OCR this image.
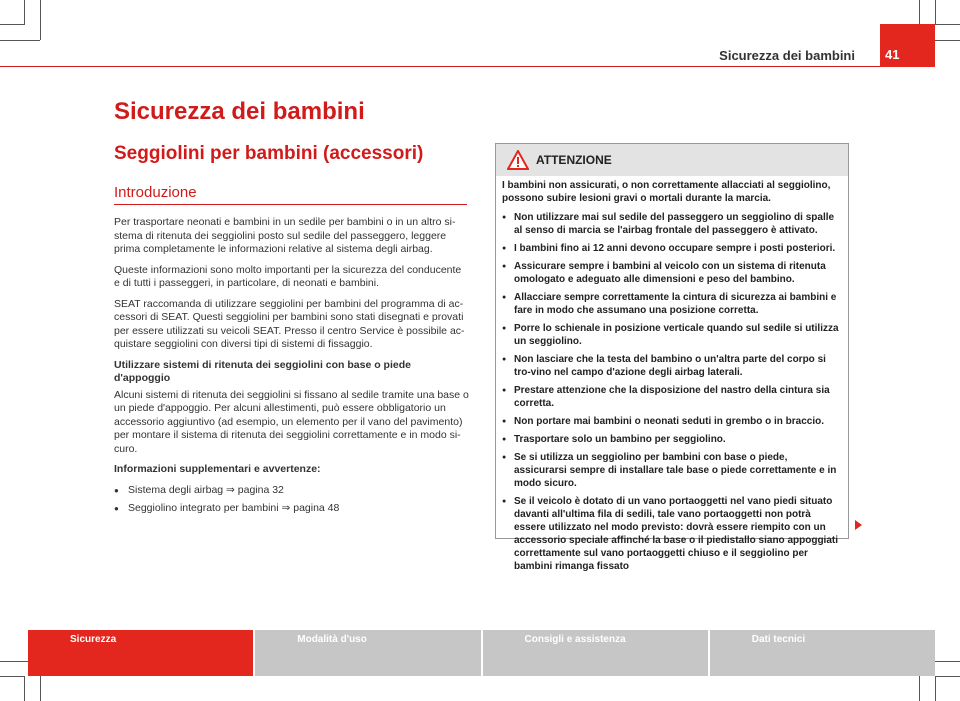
Sicurezza dei bambini	41
Sicurezza dei bambini
Seggiolini per bambini (accessori)
Introduzione

Per trasportare neonati e bambini in un sedile per bambini o in un altro si-stema di ritenuta dei seggiolini posto sul sedile del passeggero, leggere prima completamente le informazioni relative al sistema degli airbag.

Queste informazioni sono molto importanti per la sicurezza del conducente e di tutti i passeggeri, in particolare, di neonati e bambini.

SEAT raccomanda di utilizzare seggiolini per bambini del programma di ac-cessori di SEAT. Questi seggiolini per bambini sono stati disegnati e provati per essere utilizzati su veicoli SEAT. Presso il centro Service è possibile ac-quistare seggiolini con diversi tipi di sistemi di fissaggio.

Utilizzare sistemi di ritenuta dei seggiolini con base o piede d'appoggio

Alcuni sistemi di ritenuta dei seggiolini si fissano al sedile tramite una base o un piede d'appoggio. Per alcuni allestimenti, può essere obbligatorio un accessorio aggiuntivo (ad esempio, un elemento per il vano del pavimento) per montare il sistema di ritenuta dei seggiolini correttamente e in modo si-curo.

Informazioni supplementari e avvertenze:

● Sistema degli airbag ⇒ pagina 32
● Seggiolino integrato per bambini ⇒ pagina 48
ATTENZIONE

I bambini non assicurati, o non correttamente allacciati al seggiolino, possono subire lesioni gravi o mortali durante la marcia.

● Non utilizzare mai sul sedile del passeggero un seggiolino di spalle al senso di marcia se l'airbag frontale del passeggero è attivato.
● I bambini fino ai 12 anni devono occupare sempre i posti posteriori.
● Assicurare sempre i bambini al veicolo con un sistema di ritenuta omologato e adeguato alle dimensioni e peso del bambino.
● Allacciare sempre correttamente la cintura di sicurezza ai bambini e fare in modo che assumano una posizione corretta.
● Porre lo schienale in posizione verticale quando sul sedile si utilizza un seggiolino.
● Non lasciare che la testa del bambino o un'altra parte del corpo si tro-vino nel campo d'azione degli airbag laterali.
● Prestare attenzione che la disposizione del nastro della cintura sia corretta.
● Non portare mai bambini o neonati seduti in grembo o in braccio.
● Trasportare solo un bambino per seggiolino.
● Se si utilizza un seggiolino per bambini con base o piede, assicurarsi sempre di installare tale base o piede correttamente e in modo sicuro.
● Se il veicolo è dotato di un vano portaoggetti nel vano piedi situato davanti all'ultima fila di sedili, tale vano portaoggetti non potrà essere utilizzato nel modo previsto: dovrà essere riempito con un accessorio speciale affinché la base o il piedistallo siano appoggiati correttamente sul vano portaoggetti chiuso e il seggiolino per bambini rimanga fissato
Sicurezza	Modalità d'uso	Consigli e assistenza	Dati tecnici
